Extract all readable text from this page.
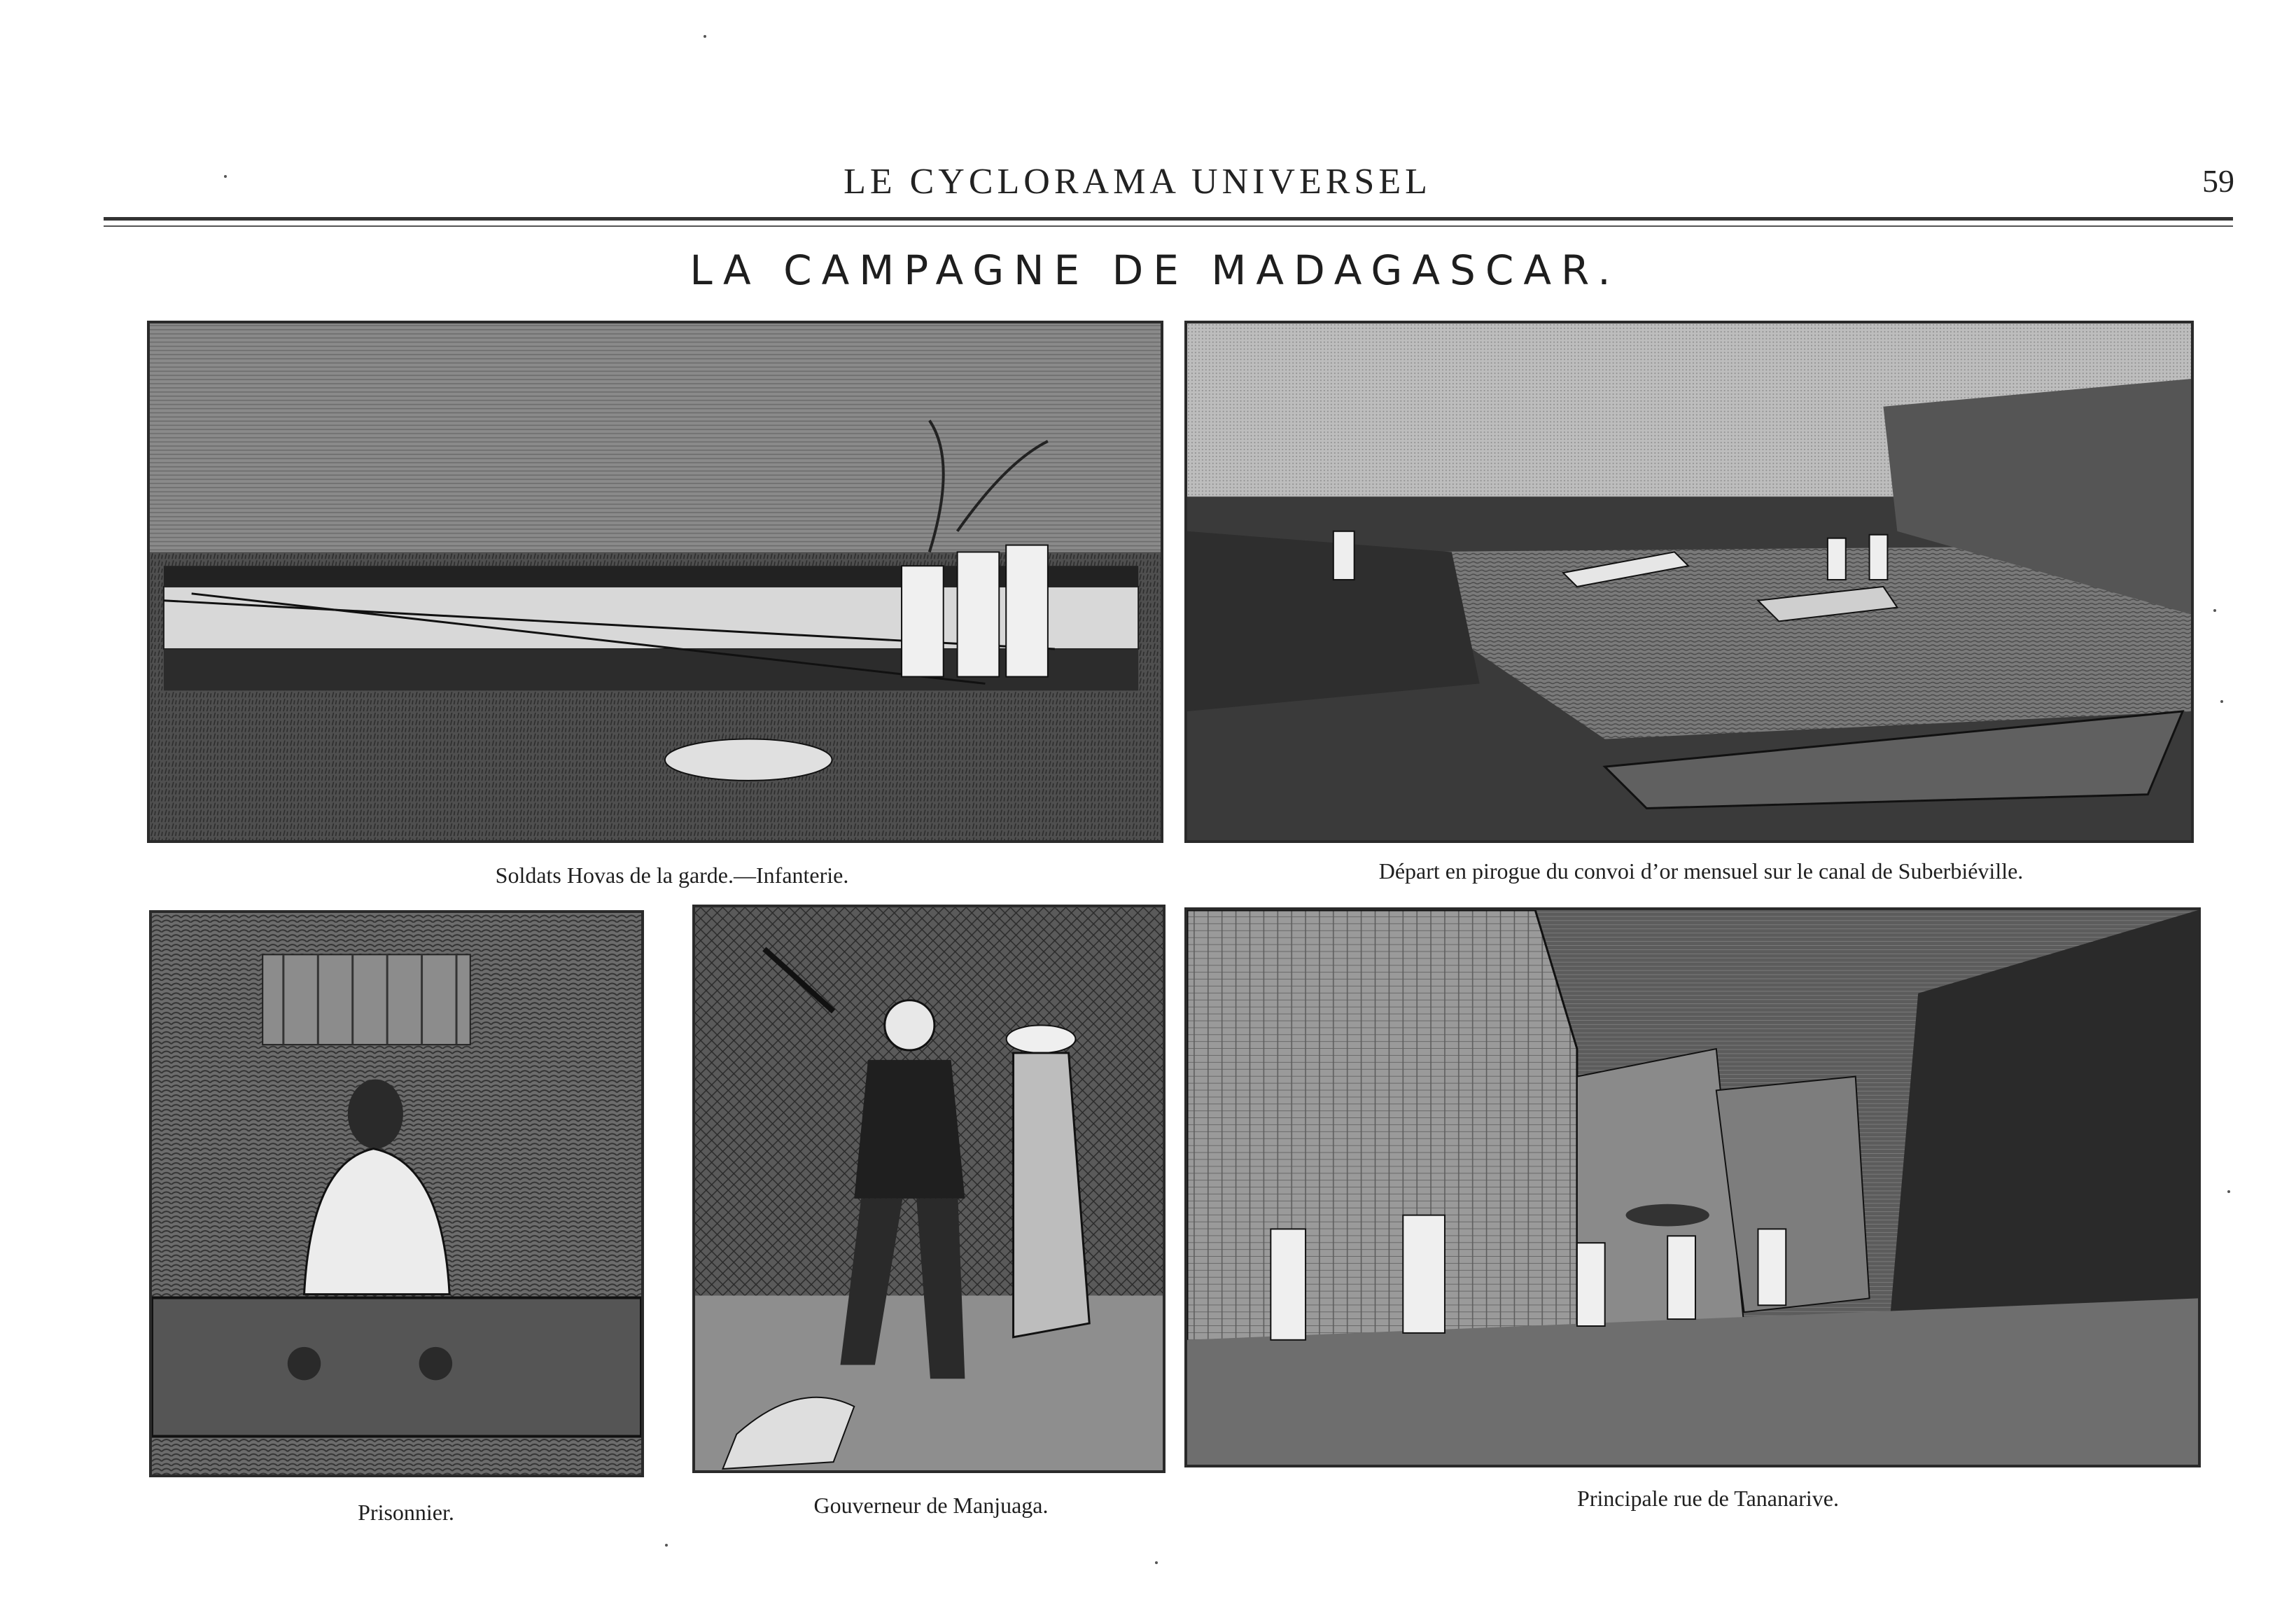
LE CYCLORAMA UNIVERSEL	59
LA CAMPAGNE DE MADAGASCAR.
Soldats Hovas de la garde.—Infanterie.	Départ en pirogue du convoi d’or mensuel sur le canal de Suberbiéville.
Prisonnier.	Gouverneur de Manjuaga.	Principale rue de Tananarive.
